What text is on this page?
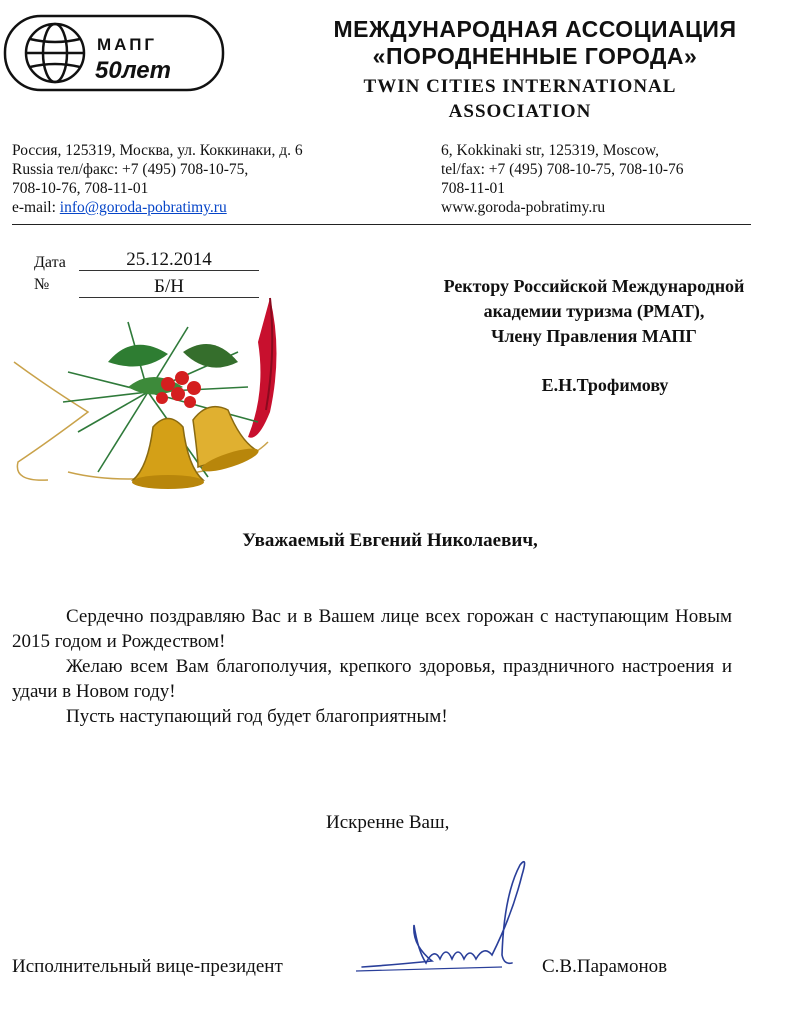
МАПГ
50лет
МЕЖДУНАРОДНАЯ АССОЦИАЦИЯ
«ПОРОДНЕННЫЕ ГОРОДА»
TWIN CITIES INTERNATIONAL
ASSOCIATION
Россия, 125319, Москва, ул. Коккинаки, д. 6
Russia тел/факс: +7 (495) 708-10-75,
708-10-76, 708-11-01
e-mail: info@goroda-pobratimy.ru
6, Kokkinaki str, 125319, Moscow,
tel/fax: +7 (495) 708-10-75, 708-10-76
708-11-01
www.goroda-pobratimy.ru
Дата	25.12.2014
№	Б/Н	Ректору Российской Международной
академии туризма (РМАТ),
Члену Правления МАПГ
Е.Н.Трофимову
Уважаемый Евгений Николаевич,

Сердечно поздравляю Вас и в Вашем лице всех горожан с наступающим Новым 2015 годом и Рождеством!

Желаю всем Вам благополучия, крепкого здоровья, праздничного настроения и удачи в Новом году!

Пусть наступающий год будет благоприятным!

Искренне Ваш,
Исполнительный вице-президент	С.В.Парамонов
